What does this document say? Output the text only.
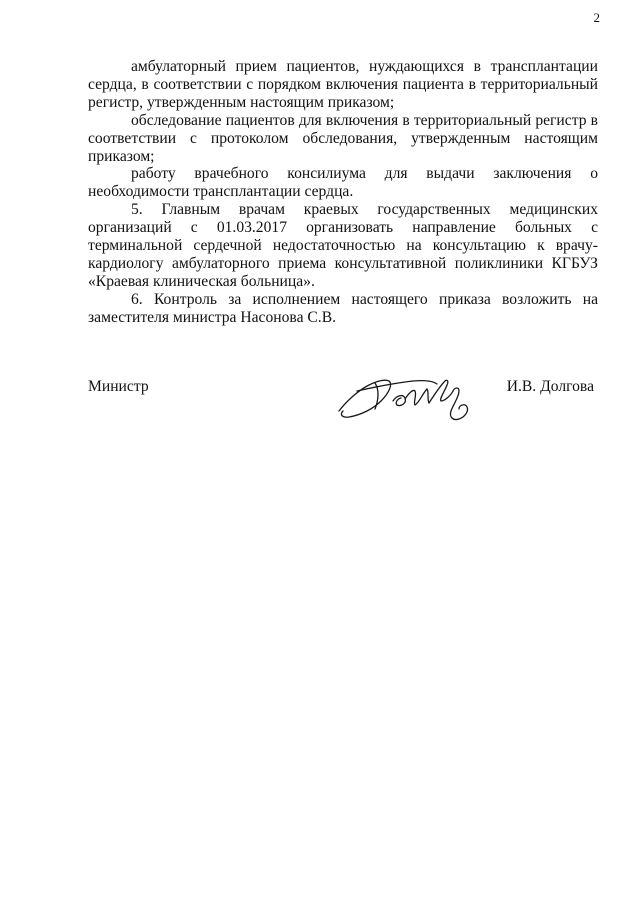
2

амбулаторный прием пациентов, нуждающихся в трансплантации сердца, в соответствии с порядком включения пациента в территориальный регистр, утвержденным настоящим приказом;

обследование пациентов для включения в территориальный регистр в соответствии с протоколом обследования, утвержденным настоящим приказом;

работу врачебного консилиума для выдачи заключения о необходимости трансплантации сердца.

5. Главным врачам краевых государственных медицинских организаций с 01.03.2017 организовать направление больных с терминальной сердечной недостаточностью на консультацию к врачу-кардиологу амбулаторного приема консультативной поликлиники КГБУЗ «Краевая клиническая больница».

6. Контроль за исполнением настоящего приказа возложить на заместителя министра Насонова С.В.

Министр	И.В. Долгова
